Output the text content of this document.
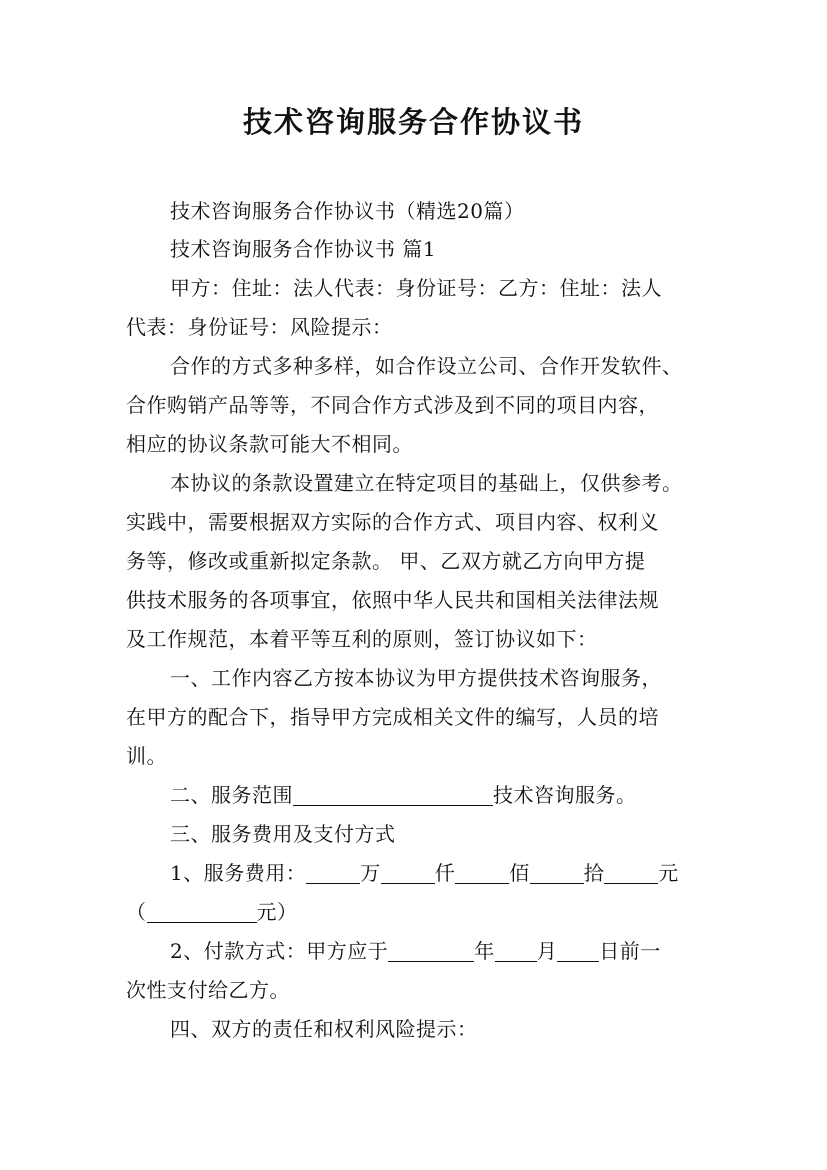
技术咨询服务合作协议书
技术咨询服务合作协议书（精选20篇）
技术咨询服务合作协议书 篇1
甲方：住址：法人代表：身份证号：乙方：住址：法人
代表：身份证号：风险提示：
合作的方式多种多样，如合作设立公司、合作开发软件、
合作购销产品等等，不同合作方式涉及到不同的项目内容，
相应的协议条款可能大不相同。
本协议的条款设置建立在特定项目的基础上，仅供参考。
实践中，需要根据双方实际的合作方式、项目内容、权利义
务等，修改或重新拟定条款。 甲、乙双方就乙方向甲方提
供技术服务的各项事宜，依照中华人民共和国相关法律法规
及工作规范，本着平等互利的原则，签订协议如下：
一、工作内容乙方按本协议为甲方提供技术咨询服务，
在甲方的配合下，指导甲方完成相关文件的编写，人员的培
训。
二、服务范围	技术咨询服务。
三、服务费用及支付方式
1、服务费用：	万	仟	佰	拾	元
（	元）
2、付款方式：甲方应于	年 月 日前一
次性支付给乙方。
四、双方的责任和权利风险提示：
